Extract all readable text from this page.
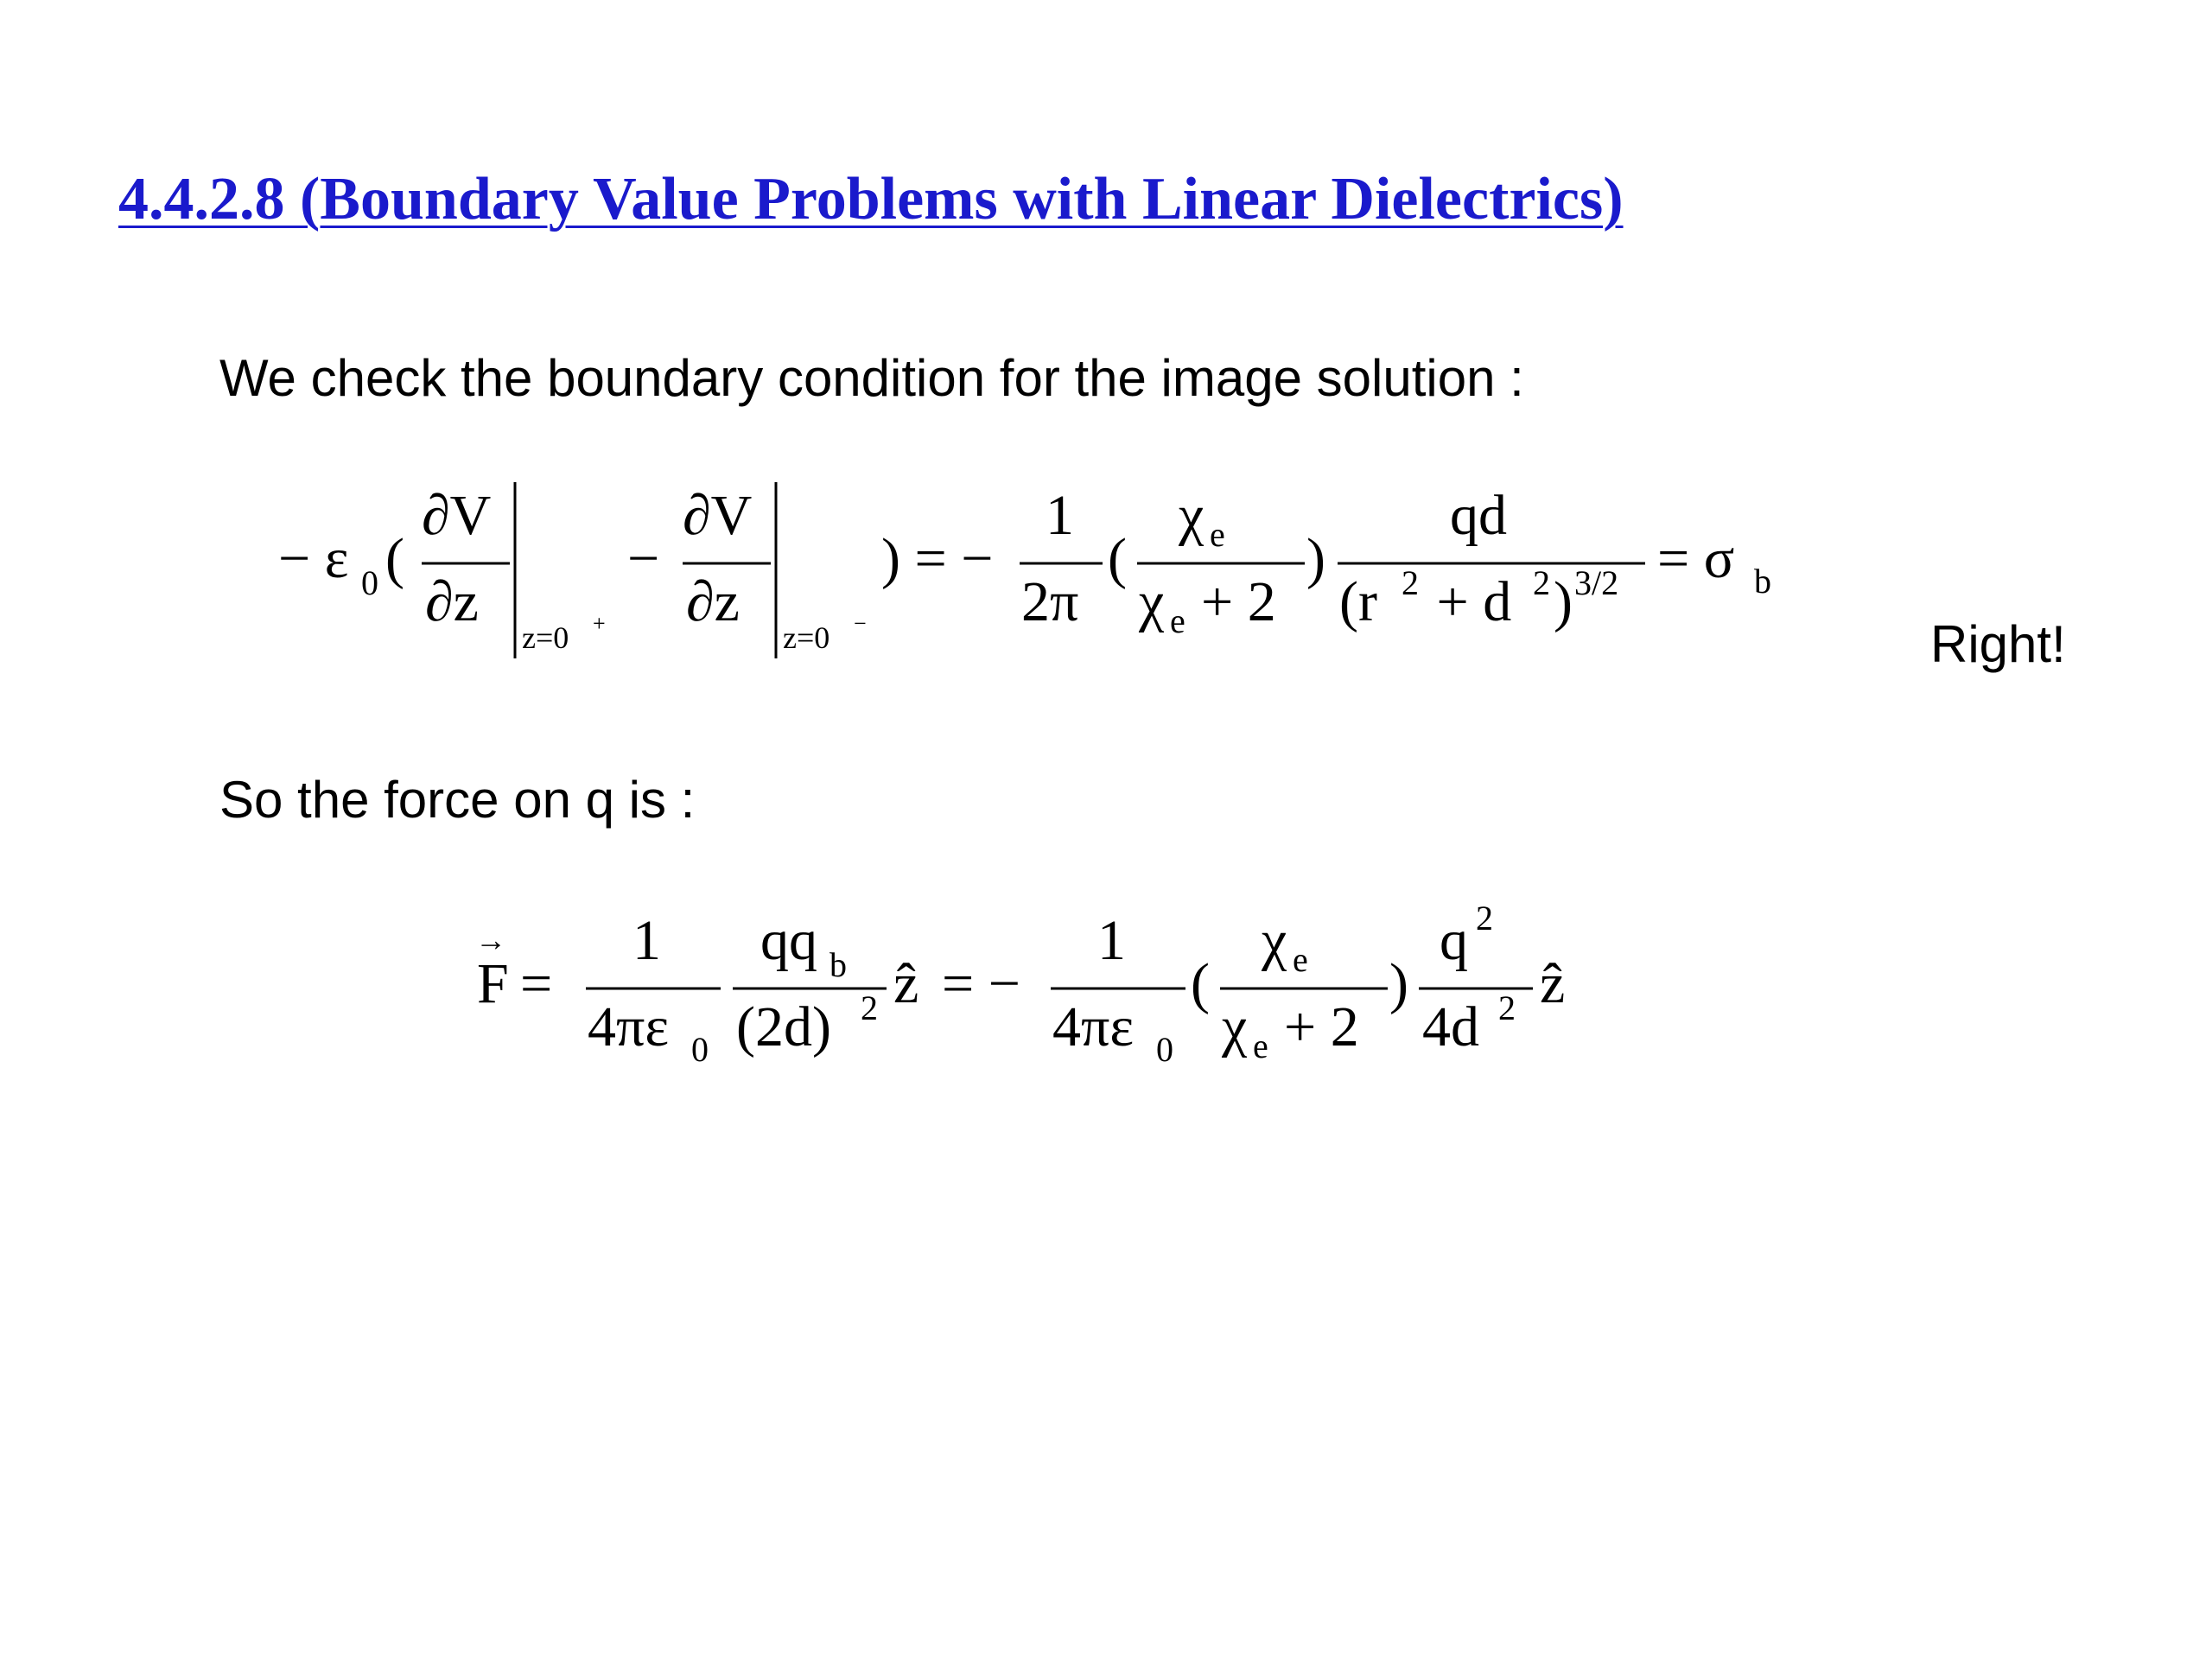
4.4.2.8 (Boundary Value Problems with Linear Dielectrics)
We check the boundary condition for the image solution :
− ε 0 (
∂V
∂z
z=0 +
−
∂V
∂z
z=0 −
) = −
1
2π
(
χ e
χ e + 2
)
qd
(r 2 + d 2 ) 3/2 = σ b
Right!
So the force on q is :
F
→
=
1
4πε 0
qq b
(2d) 2 ẑ = −
1
4πε 0
(
χ e
χ e + 2
)
q 2
4d 2 ẑ
